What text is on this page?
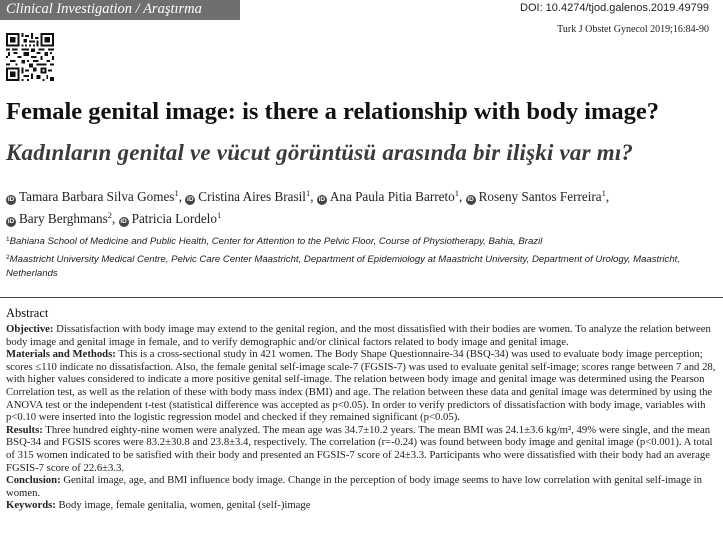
Clinical Investigation / Araştırma	DOI: 10.4274/tjod.galenos.2019.49799
Turk J Obstet Gynecol 2019;16:84-90
Female genital image: is there a relationship with body image?
Kadınların genital ve vücut görüntüsü arasında bir ilişki var mı?
iD Tamara Barbara Silva Gomes$^1$, iD Cristina Aires Brasil$^1$, iD Ana Paula Pitia Barreto$^1$, iD Roseny Santos Ferreira$^1$, iD Bary Berghmans$^2$, iD Patricia Lordelo$^1$
$^1$Bahiana School of Medicine and Public Health, Center for Attention to the Pelvic Floor, Course of Physiotherapy, Bahia, Brazil
$^2$Maastricht University Medical Centre, Pelvic Care Center Maastricht, Department of Epidemiology at Maastricht University, Department of Urology, Maastricht, Netherlands
Abstract

Objective: Dissatisfaction with body image may extend to the genital region, and the most dissatisfied with their bodies are women. To analyze the relation between body image and genital image in female, and to verify demographic and/or clinical factors related to body image and genital image.

Materials and Methods: This is a cross-sectional study in 421 women. The Body Shape Questionnaire-34 (BSQ-34) was used to evaluate body image perception; scores ≤110 indicate no dissatisfaction. Also, the female genital self-image scale-7 (FGSIS-7) was used to evaluate genital self-image; scores range between 7 and 28, with higher values considered to indicate a more positive genital self-image. The relation between body image and genital image was determined using the Pearson Correlation test, as well as the relation of these with body mass index (BMI) and age. The relation between these data and genital image was determined by using the ANOVA test or the independent t-test (statistical difference was accepted as p<0.05). In order to verify predictors of dissatisfaction with body image, variables with p<0.10 were inserted into the logistic regression model and checked if they remained significant (p<0.05).

Results: Three hundred eighty-nine women were analyzed. The mean age was 34.7±10.2 years. The mean BMI was 24.1±3.6 kg/m², 49% were single, and the mean BSQ-34 and FGSIS scores were 83.2±30.8 and 23.8±3.4, respectively. The correlation (r=-0.24) was found between body image and genital image (p<0.001). A total of 315 women indicated to be satisfied with their body and presented an FGSIS-7 score of 24±3.3. Participants who were dissatisfied with their body had an average FGSIS-7 score of 22.6±3.3.

Conclusion: Genital image, age, and BMI influence body image. Change in the perception of body image seems to have low correlation with genital self-image in women.

Keywords: Body image, female genitalia, women, genital (self-)image
